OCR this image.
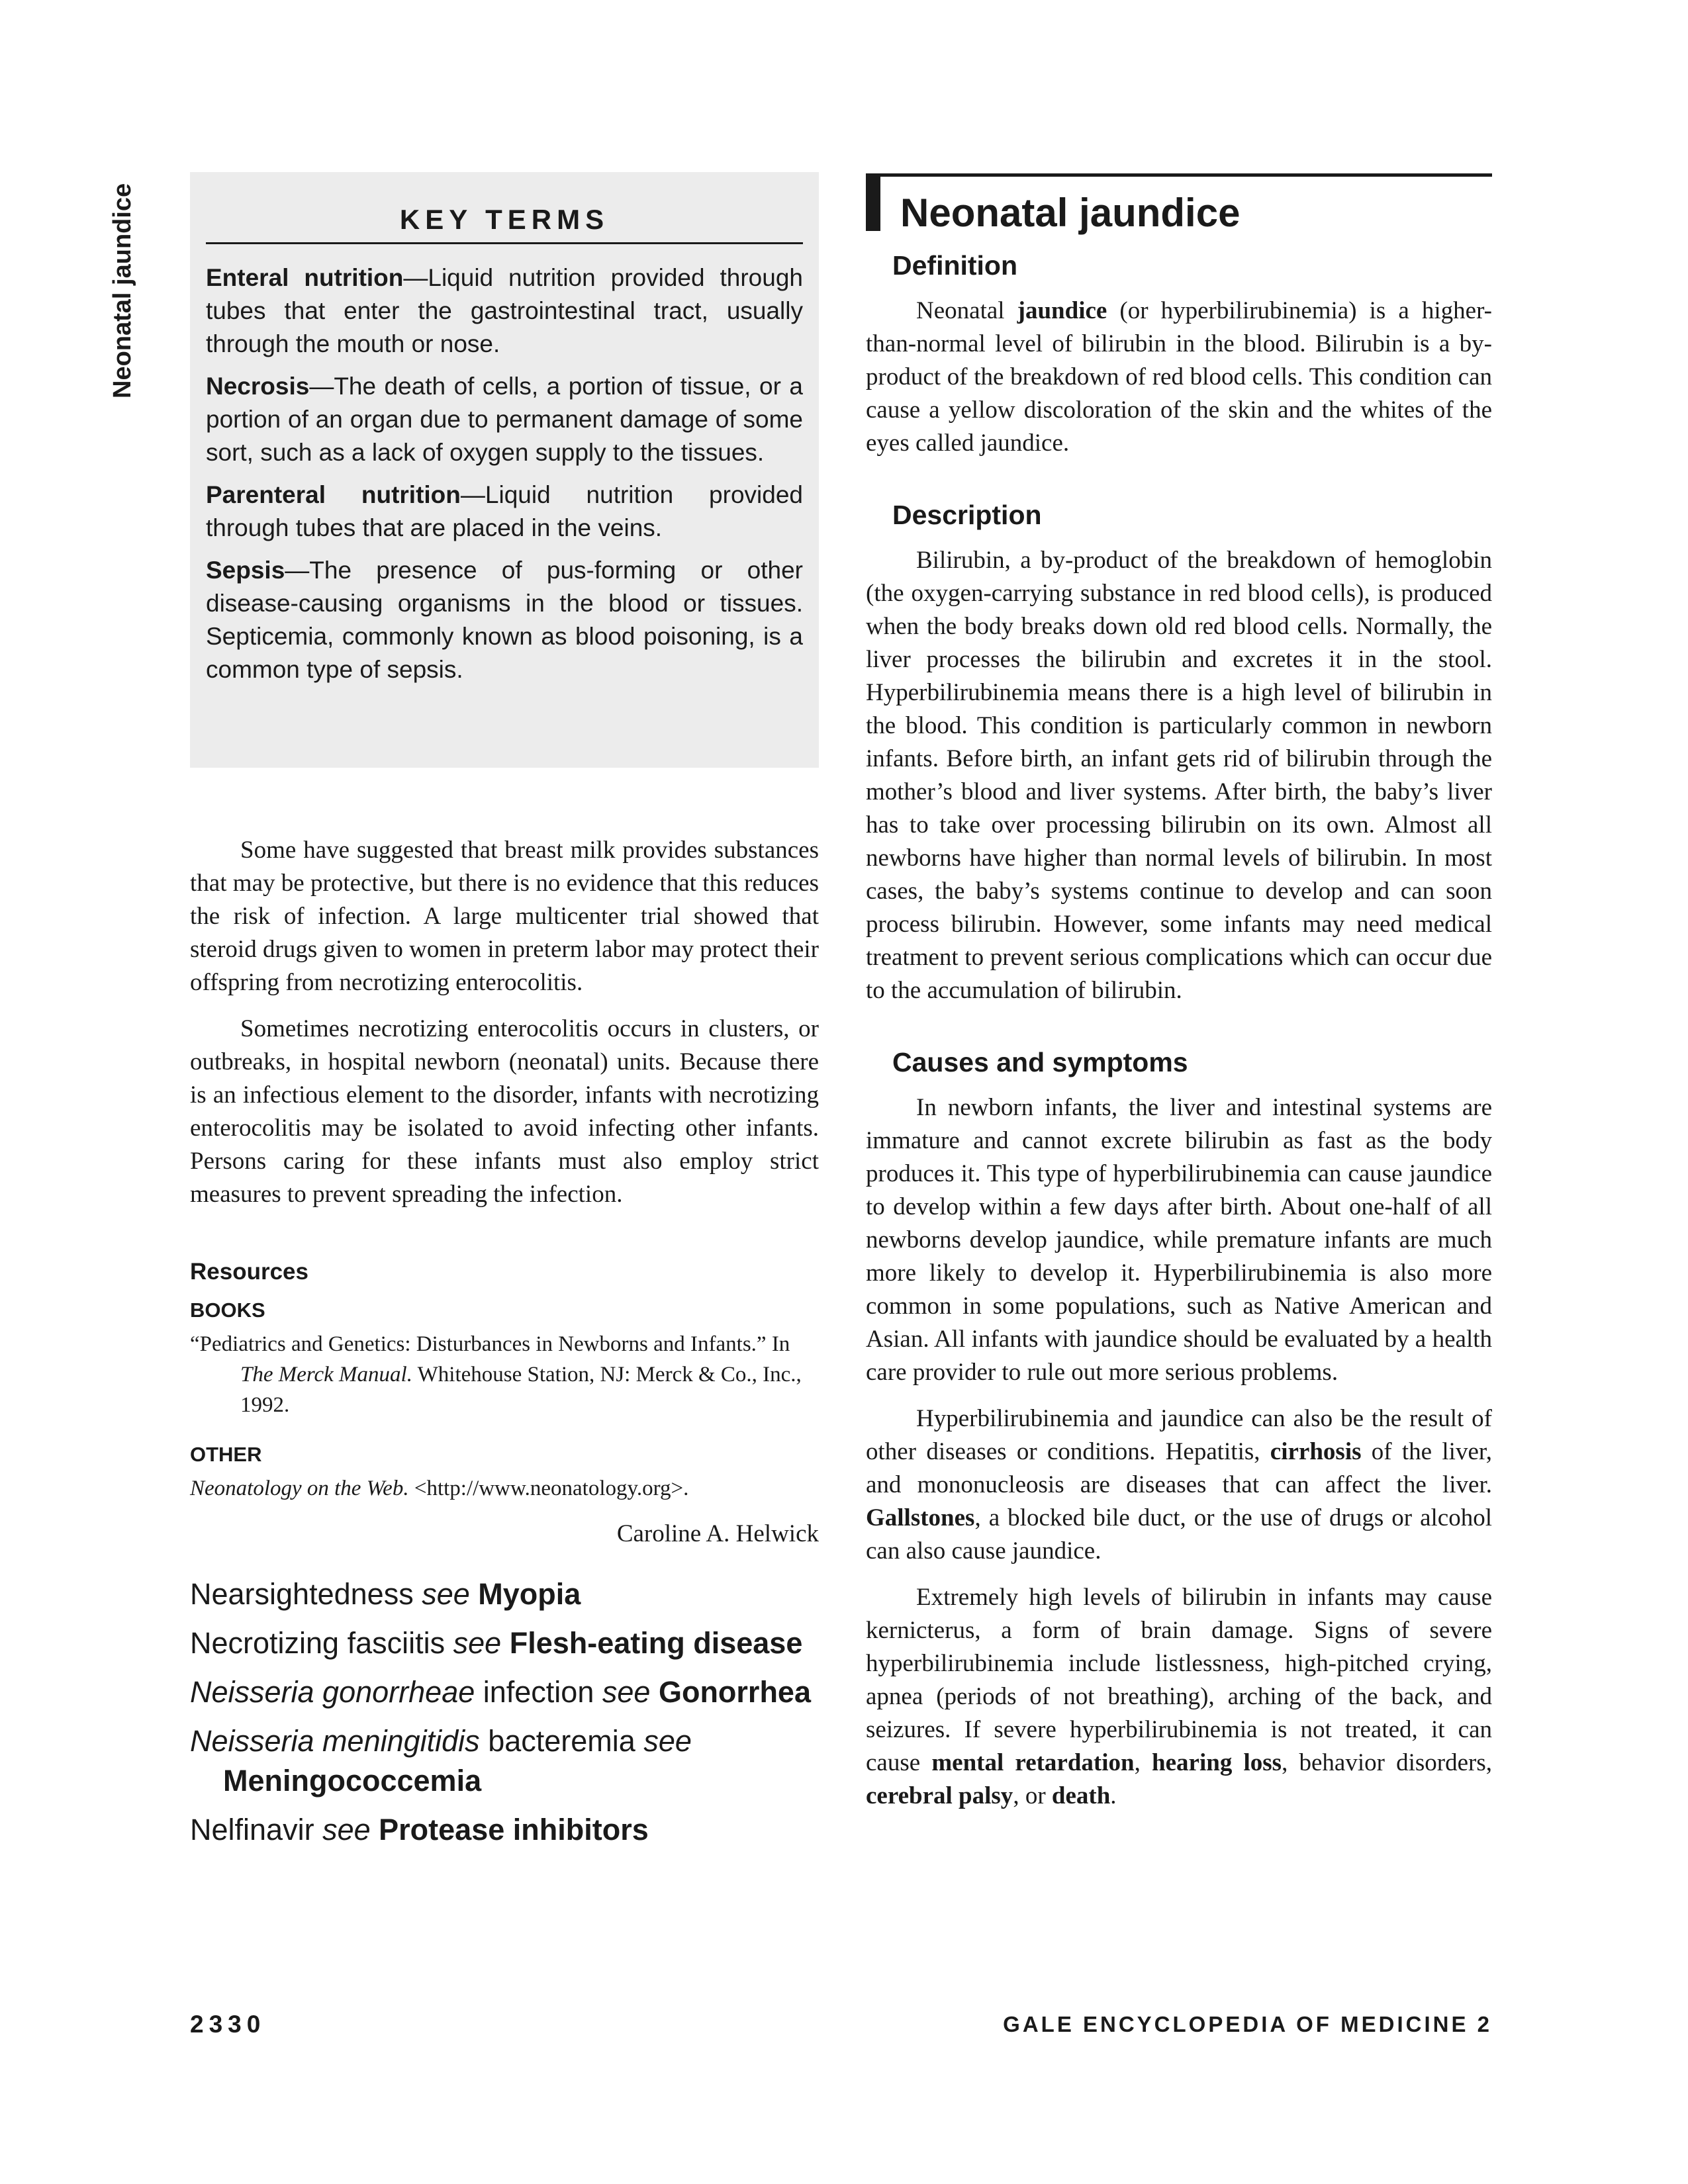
Neonatal jaundice	KEY TERMS

Enteral nutrition—Liquid nutrition provided through tubes that enter the gastrointestinal tract, usually through the mouth or nose.

Necrosis—The death of cells, a portion of tissue, or a portion of an organ due to permanent damage of some sort, such as a lack of oxygen supply to the tissues.

Parenteral nutrition—Liquid nutrition provided through tubes that are placed in the veins.

Sepsis—The presence of pus-forming or other disease-causing organisms in the blood or tissues. Septicemia, commonly known as blood poisoning, is a common type of sepsis.

Some have suggested that breast milk provides substances that may be protective, but there is no evidence that this reduces the risk of infection. A large multicenter trial showed that steroid drugs given to women in preterm labor may protect their offspring from necrotizing enterocolitis.

Sometimes necrotizing enterocolitis occurs in clusters, or outbreaks, in hospital newborn (neonatal) units. Because there is an infectious element to the disorder, infants with necrotizing enterocolitis may be isolated to avoid infecting other infants. Persons caring for these infants must also employ strict measures to prevent spreading the infection.

Resources
BOOKS
“Pediatrics and Genetics: Disturbances in Newborns and Infants.” In The Merck Manual. Whitehouse Station, NJ: Merck & Co., Inc., 1992.
OTHER
Neonatology on the Web. <http://www.neonatology.org>.
Caroline A. Helwick
Nearsightedness see Myopia
Necrotizing fasciitis see Flesh-eating disease
Neisseria gonorrheae infection see Gonorrhea
Neisseria meningitidis bacteremia see Meningococcemia
Nelfinavir see Protease inhibitors
Neonatal jaundice
Definition

Neonatal jaundice (or hyperbilirubinemia) is a higher-than-normal level of bilirubin in the blood. Bilirubin is a by-product of the breakdown of red blood cells. This condition can cause a yellow discoloration of the skin and the whites of the eyes called jaundice.

Description

Bilirubin, a by-product of the breakdown of hemoglobin (the oxygen-carrying substance in red blood cells), is produced when the body breaks down old red blood cells. Normally, the liver processes the bilirubin and excretes it in the stool. Hyperbilirubinemia means there is a high level of bilirubin in the blood. This condition is particularly common in newborn infants. Before birth, an infant gets rid of bilirubin through the mother’s blood and liver systems. After birth, the baby’s liver has to take over processing bilirubin on its own. Almost all newborns have higher than normal levels of bilirubin. In most cases, the baby’s systems continue to develop and can soon process bilirubin. However, some infants may need medical treatment to prevent serious complications which can occur due to the accumulation of bilirubin.

Causes and symptoms

In newborn infants, the liver and intestinal systems are immature and cannot excrete bilirubin as fast as the body produces it. This type of hyperbilirubinemia can cause jaundice to develop within a few days after birth. About one-half of all newborns develop jaundice, while premature infants are much more likely to develop it. Hyperbilirubinemia is also more common in some populations, such as Native American and Asian. All infants with jaundice should be evaluated by a health care provider to rule out more serious problems.

Hyperbilirubinemia and jaundice can also be the result of other diseases or conditions. Hepatitis, cirrhosis of the liver, and mononucleosis are diseases that can affect the liver. Gallstones, a blocked bile duct, or the use of drugs or alcohol can also cause jaundice.

Extremely high levels of bilirubin in infants may cause kernicterus, a form of brain damage. Signs of severe hyperbilirubinemia include listlessness, high-pitched crying, apnea (periods of not breathing), arching of the back, and seizures. If severe hyperbilirubinemia is not treated, it can cause mental retardation, hearing loss, behavior disorders, cerebral palsy, or death.

2330	GALE ENCYCLOPEDIA OF MEDICINE 2
